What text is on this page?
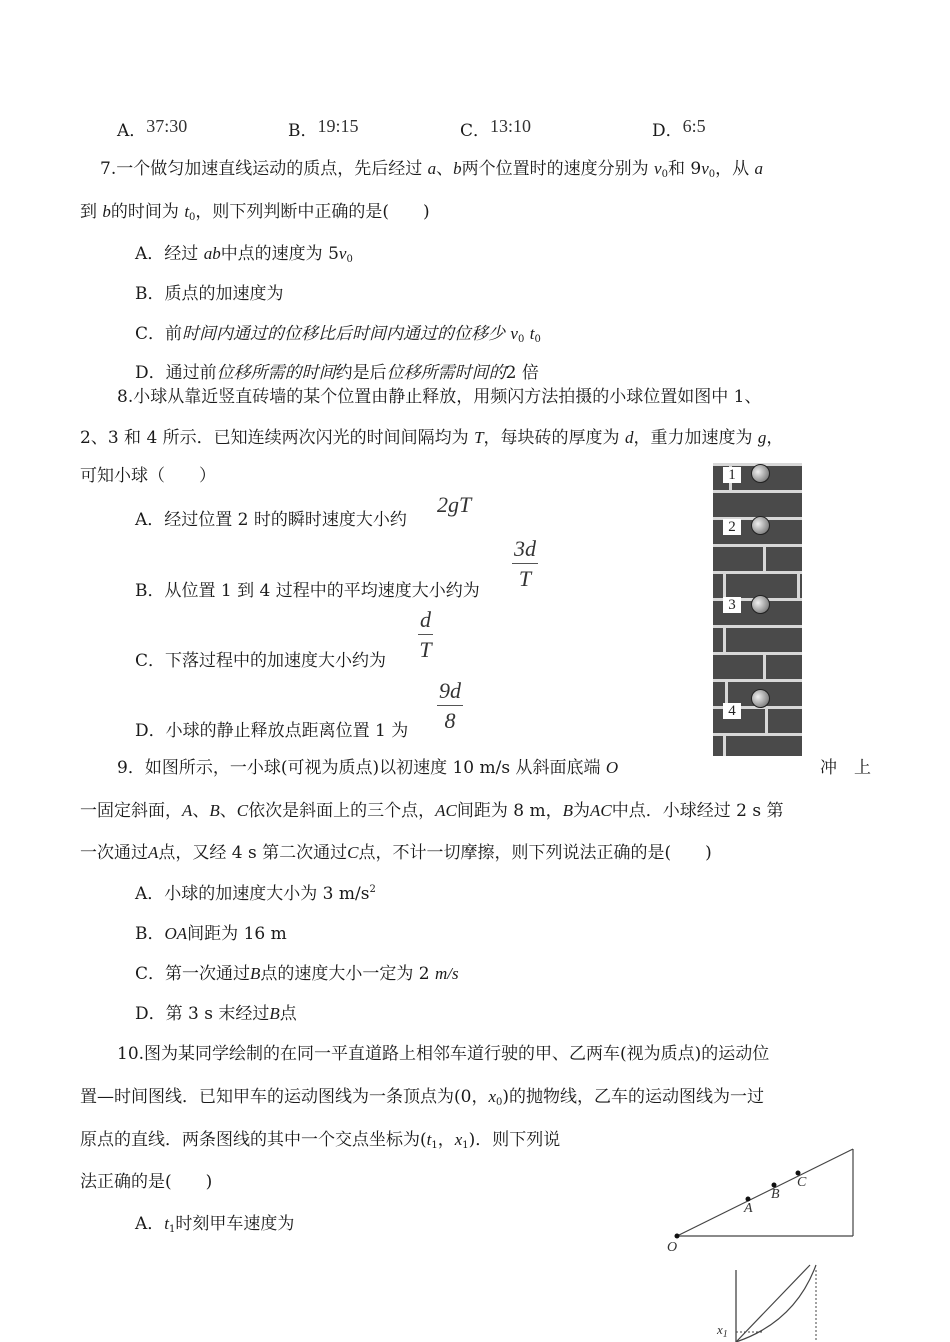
A．37:30	B．19:15	C．13:10	D．6:5
7.一个做匀加速直线运动的质点，先后经过 a、b两个位置时的速度分别为 $v_0$和 $9v_0$，从 a
到 b的时间为 $t_0$，则下列判断中正确的是(　　)
A．经过 ab中点的速度为 $5v_0$
B．质点的加速度为
C．前时间内通过的位移比后时间内通过的位移少 $v_0$ $t_0$
D．通过前位移所需的时间约是后位移所需时间的2 倍
8.小球从靠近竖直砖墙的某个位置由静止释放，用频闪方法拍摄的小球位置如图中 1、
2、3 和 4 所示．已知连续两次闪光的时间间隔均为 T，每块砖的厚度为 d，重力加速度为 g，
可知小球（　　）
A．经过位置 2 时的瞬时速度大小约
2gT
B．从位置 1 到 4 过程中的平均速度大小约为
$\frac{3d}{T}$
C．下落过程中的加速度大小约为 $\frac{d}{T}$
D．小球的静止释放点距离位置 1 为 $\frac{9d}{8}$
1
2
3
4
9．如图所示，一小球(可视为质点)以初速度 10 m/s 从斜面底端 O	冲　上
一固定斜面，A、B、C依次是斜面上的三个点，AC间距为 8 m，B为AC中点．小球经过 2 s 第
一次通过A点，又经 4 s 第二次通过C点，不计一切摩擦，则下列说法正确的是(　　)
A．小球的加速度大小为 3 $m/s^2$
B．OA间距为 16 m
C．第一次通过B点的速度大小一定为 2 m/s
D．第 3 s 末经过B点
10.图为某同学绘制的在同一平直道路上相邻车道行驶的甲、乙两车(视为质点)的运动位
置—时间图线．已知甲车的运动图线为一条顶点为(0，$x_0$)的抛物线，乙车的运动图线为一过
原点的直线．两条图线的其中一个交点坐标为($t_1$，$x_1$)．则下列说
法正确的是(　　)
A．$t_1$时刻甲车速度为
O
A
B
C
$x_1$
